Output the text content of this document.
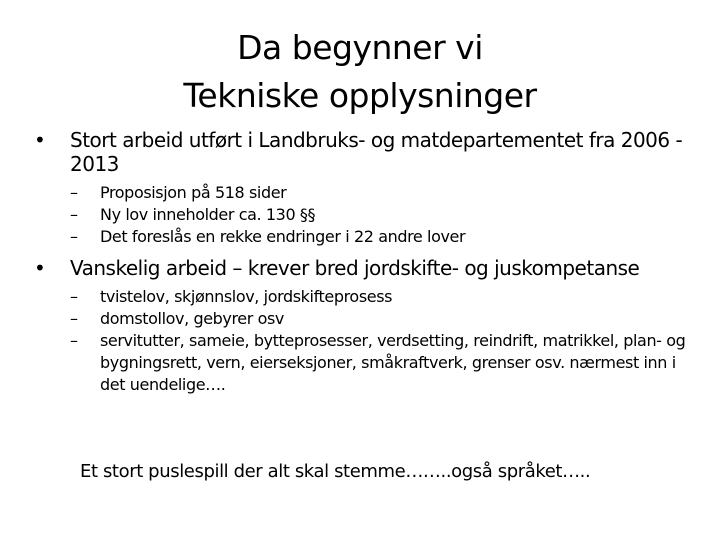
Da begynner vi
Tekniske opplysninger
•	Stort arbeid utført i Landbruks- og matdepartementet fra 2006 - 2013
–	Proposisjon på 518 sider
–	Ny lov inneholder ca. 130 §§
–	Det foreslås en rekke endringer i 22 andre lover
•	Vanskelig arbeid – krever bred jordskifte- og juskompetanse
–	tvistelov, skjønnslov, jordskifteprosess
–	domstollov, gebyrer osv
–	servitutter, sameie, bytteprosesser, verdsetting, reindrift, matrikkel, plan- og bygningsrett, vern, eierseksjoner, småkraftverk, grenser osv. nærmest inn i det uendelige….
Et stort puslespill der alt skal stemme……..også språket…..
